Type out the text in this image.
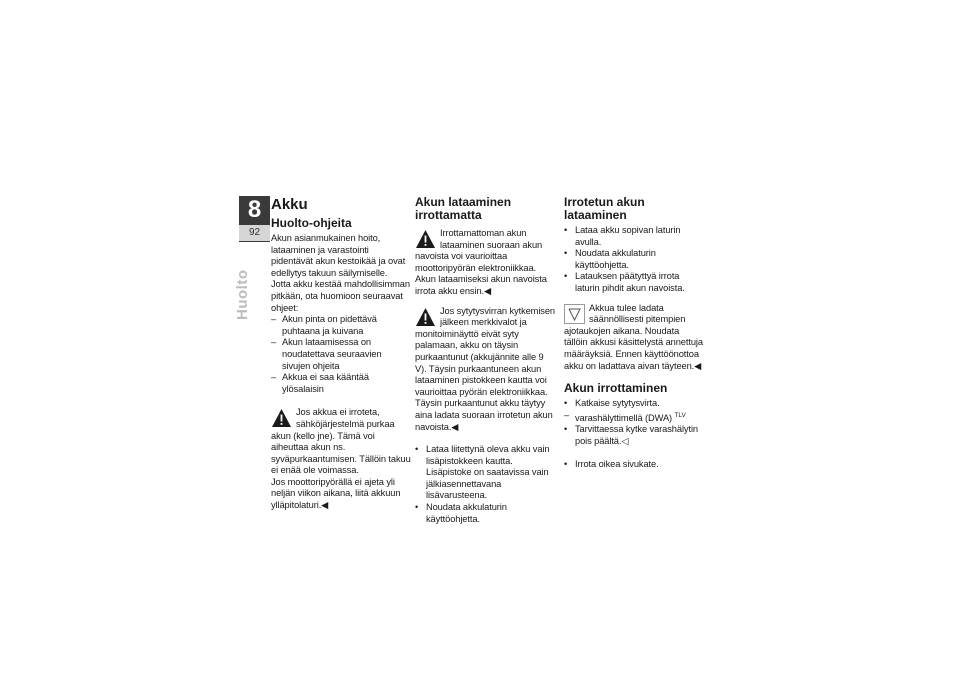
8
92
Huolto
Akku
Huolto-ohjeita

Akun asianmukainen hoito, lataaminen ja varastointi pidentävät akun kestoikää ja ovat edellytys takuun säilymiselle.

Jotta akku kestää mahdollisimman pitkään, ota huomioon seuraavat ohjeet:

– Akun pinta on pidettävä puhtaana ja kuivana
– Akun lataamisessa on noudatettava seuraavien sivujen ohjeita
– Akkua ei saa kääntää ylösalaisin
Jos akkua ei irroteta, sähköjärjestelmä purkaa akun (kello jne). Tämä voi aiheuttaa akun ns. syväpurkaantumisen. Tällöin takuu ei enää ole voimassa.

Jos moottoripyörällä ei ajeta yli neljän viikon aikana, liitä akkuun ylläpitolaturi.◀

Akun lataaminen
irrottamatta
Irrottamattoman akun lataaminen suoraan akun navoista voi vaurioittaa moottoripyörän elektroniikkaa.

Akun lataamiseksi akun navoista irrota akku ensin.◀

Jos sytytysvirran kytkemisen jälkeen merkkivalot ja monitoiminäyttö eivät syty palamaan, akku on täysin purkaantunut (akkujännite alle 9 V). Täysin purkaantuneen akun lataaminen pistokkeen kautta voi vaurioittaa pyörän elektroniikkaa.

Täysin purkaantunut akku täytyy aina ladata suoraan irrotetun akun navoista.◀

• Lataa liitettynä oleva akku vain lisäpistokkeen kautta. Lisäpistoke on saatavissa vain jälkiasennettavana lisävarusteena.
• Noudata akkulaturin käyttöohjetta.
Irrotetun akun lataaminen
• Lataa akku sopivan laturin avulla.
• Noudata akkulaturin käyttöohjetta.
• Latauksen päätyttyä irrota laturin pihdit akun navoista.
Akkua tulee ladata säännöllisesti pitempien ajotaukojen aikana. Noudata tällöin akkusi käsittelystä annettuja määräyksiä. Ennen käyttöönottoa akku on ladattava aivan täyteen.◀
Akun irrottaminen
• Katkaise sytytysvirta.
– varashälyttimellä (DWA) $^{TLV}$
• Tarvittaessa kytke varashälytin pois päältä.◁
• Irrota oikea sivukate.
